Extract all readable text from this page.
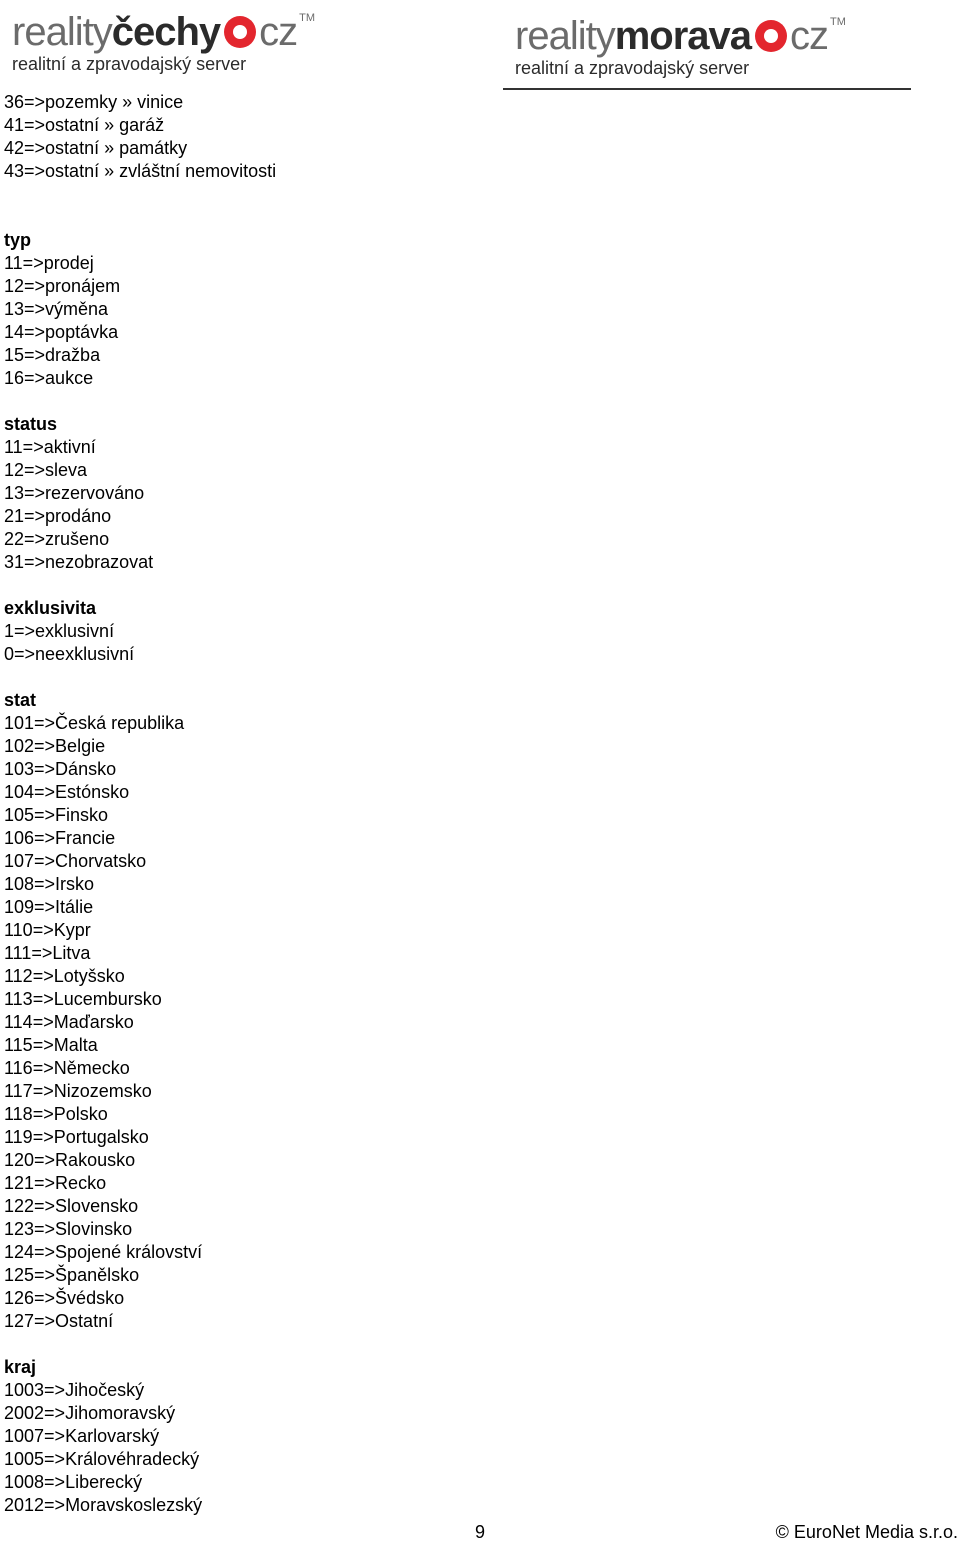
realityčechy cz TM
realitní a zpravodajský server
realitymorava cz TM
realitní a zpravodajský server
36=>pozemky » vinice
41=>ostatní » garáž
42=>ostatní » památky
43=>ostatní » zvláštní nemovitosti
typ
11=>prodej
12=>pronájem
13=>výměna
14=>poptávka
15=>dražba
16=>aukce
status
11=>aktivní
12=>sleva
13=>rezervováno
21=>prodáno
22=>zrušeno
31=>nezobrazovat
exklusivita
1=>exklusivní
0=>neexklusivní
stat
101=>Česká republika
102=>Belgie
103=>Dánsko
104=>Estónsko
105=>Finsko
106=>Francie
107=>Chorvatsko
108=>Irsko
109=>Itálie
110=>Kypr
111=>Litva
112=>Lotyšsko
113=>Lucembursko
114=>Maďarsko
115=>Malta
116=>Německo
117=>Nizozemsko
118=>Polsko
119=>Portugalsko
120=>Rakousko
121=>Recko
122=>Slovensko
123=>Slovinsko
124=>Spojené království
125=>Španělsko
126=>Švédsko
127=>Ostatní
kraj
1003=>Jihočeský
2002=>Jihomoravský
1007=>Karlovarský
1005=>Královéhradecký
1008=>Liberecký
2012=>Moravskoslezský
9	© EuroNet Media s.r.o.
